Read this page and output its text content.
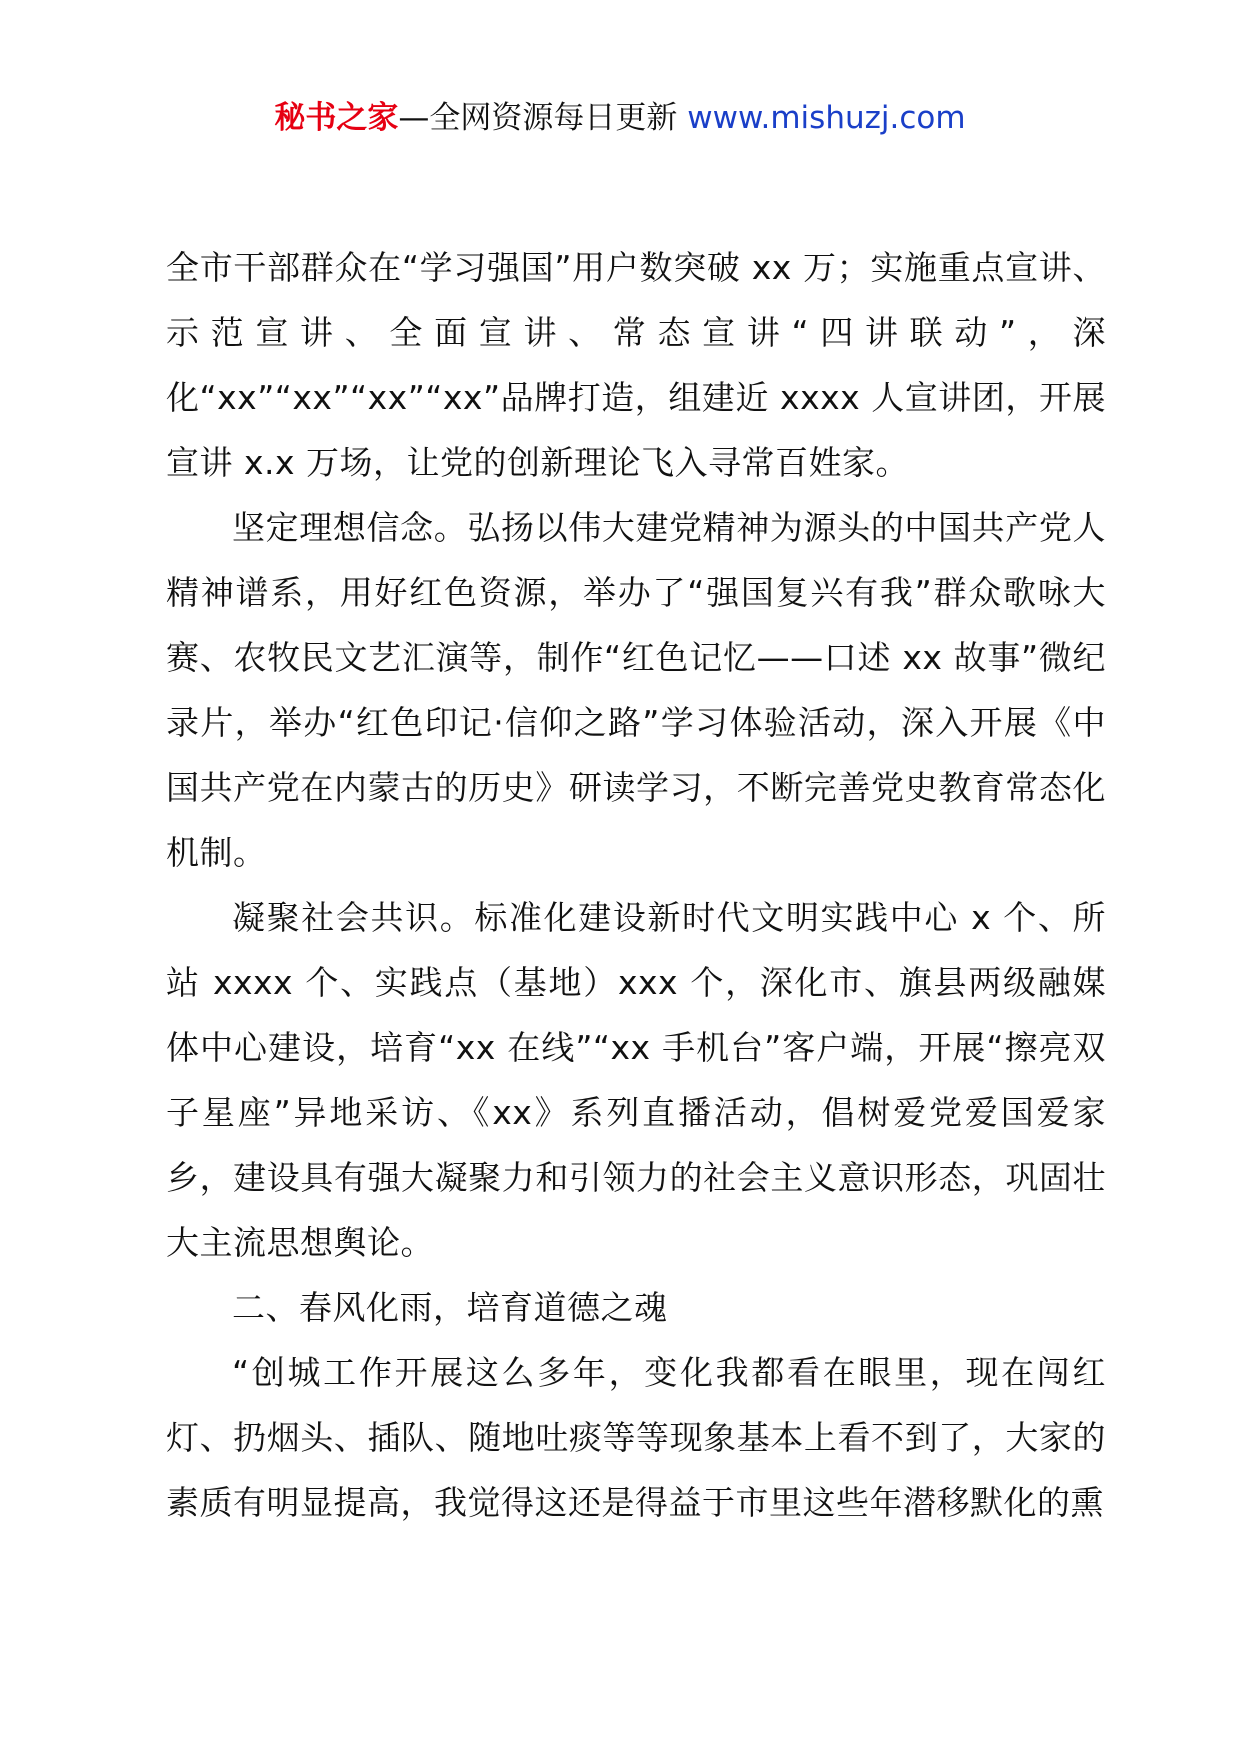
秘书之家—全网资源每日更新 www.mishuzj.com

全市干部群众在“学习强国”用户数突破 xx 万；实施重点宣讲、示范宣讲、全面宣讲、常态宣讲“四讲联动”，深化“xx”“xx”“xx”“xx”品牌打造，组建近 xxxx 人宣讲团，开展宣讲 x.x 万场，让党的创新理论飞入寻常百姓家。

坚定理想信念。弘扬以伟大建党精神为源头的中国共产党人精神谱系，用好红色资源，举办了“强国复兴有我”群众歌咏大赛、农牧民文艺汇演等，制作“红色记忆——口述 xx 故事”微纪录片，举办“红色印记·信仰之路”学习体验活动，深入开展《中国共产党在内蒙古的历史》研读学习，不断完善党史教育常态化机制。

凝聚社会共识。标准化建设新时代文明实践中心 x 个、所站 xxxx 个、实践点（基地）xxx 个，深化市、旗县两级融媒体中心建设，培育“xx 在线”“xx 手机台”客户端，开展“擦亮双子星座”异地采访、《xx》系列直播活动，倡树爱党爱国爱家乡，建设具有强大凝聚力和引领力的社会主义意识形态，巩固壮大主流思想舆论。

二、春风化雨，培育道德之魂

“创城工作开展这么多年，变化我都看在眼里，现在闯红灯、扔烟头、插队、随地吐痰等等现象基本上看不到了，大家的素质有明显提高，我觉得这还是得益于市里这些年潜移默化的熏
